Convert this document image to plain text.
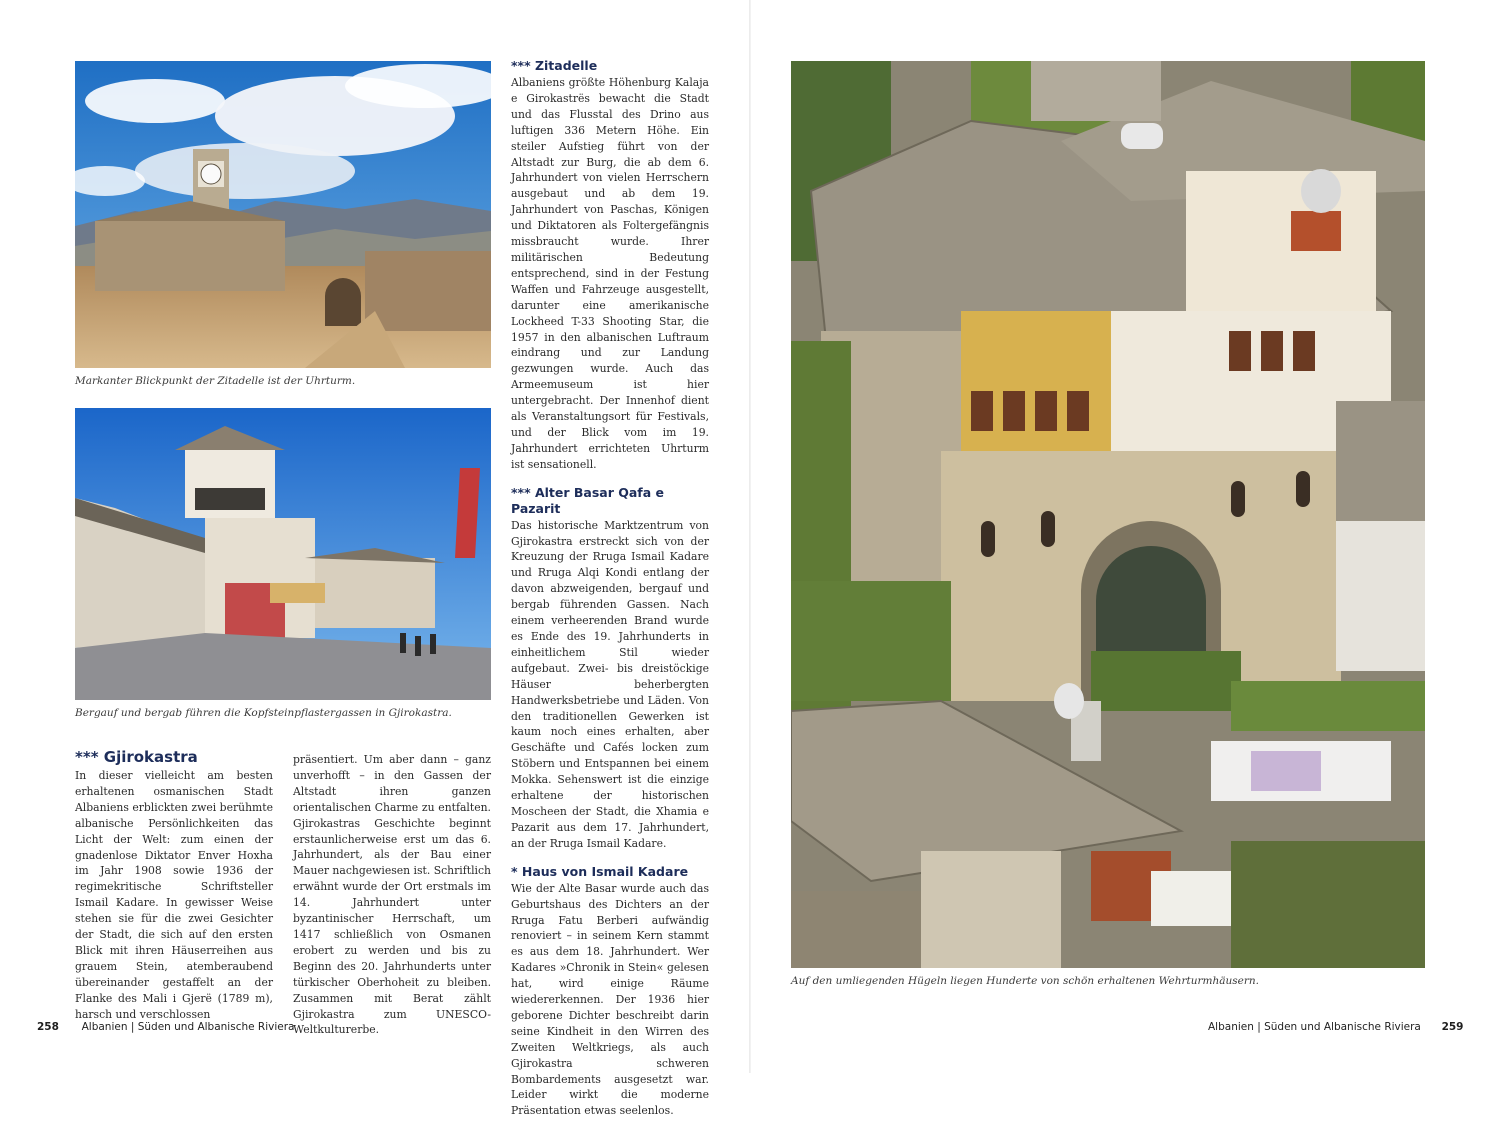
Markanter Blickpunkt der Zitadelle ist der Uhrturm.
Bergauf und bergab führen die Kopfsteinpflastergassen in Gjirokastra.
*** Gjirokastra

In dieser vielleicht am besten erhaltenen osmanischen Stadt Albaniens erblickten zwei berühmte albanische Persönlichkeiten das Licht der Welt: zum einen der gnadenlose Diktator Enver Hoxha im Jahr 1908 sowie 1936 der regimekritische Schriftsteller Ismail Kadare. In gewisser Weise stehen sie für die zwei Gesichter der Stadt, die sich auf den ersten Blick mit ihren Häuserreihen aus grauem Stein, atemberaubend übereinander gestaffelt an der Flanke des Mali i Gjerë (1789 m), harsch und verschlossen

präsentiert. Um aber dann – ganz unverhofft – in den Gassen der Altstadt ihren ganzen orientalischen Charme zu entfalten. Gjirokastras Geschichte beginnt erstaunlicherweise erst um das 6. Jahrhundert, als der Bau einer Mauer nachgewiesen ist. Schriftlich erwähnt wurde der Ort erstmals im 14. Jahrhundert unter byzantinischer Herrschaft, um 1417 schließlich von Osmanen erobert zu werden und bis zu Beginn des 20. Jahrhunderts unter türkischer Oberhoheit zu bleiben. Zusammen mit Berat zählt Gjirokastra zum UNESCO-Weltkulturerbe.

*** Zitadelle

Albaniens größte Höhenburg Kalaja e Girokastrës bewacht die Stadt und das Flusstal des Drino aus luftigen 336 Metern Höhe. Ein steiler Aufstieg führt von der Altstadt zur Burg, die ab dem 6. Jahrhundert von vielen Herrschern ausgebaut und ab dem 19. Jahrhundert von Paschas, Königen und Diktatoren als Foltergefängnis missbraucht wurde. Ihrer militärischen Bedeutung entsprechend, sind in der Festung Waffen und Fahrzeuge ausgestellt, darunter eine amerikanische Lockheed T-33 Shooting Star, die 1957 in den albanischen Luftraum eindrang und zur Landung gezwungen wurde. Auch das Armeemuseum ist hier untergebracht. Der Innenhof dient als Veranstaltungsort für Festivals, und der Blick vom im 19. Jahrhundert errichteten Uhrturm ist sensationell.

*** Alter Basar Qafa e Pazarit

Das historische Marktzentrum von Gjirokastra erstreckt sich von der Kreuzung der Rruga Ismail Kadare und Rruga Alqi Kondi entlang der davon abzweigenden, bergauf und bergab führenden Gassen. Nach einem verheerenden Brand wurde es Ende des 19. Jahrhunderts in einheitlichem Stil wieder aufgebaut. Zwei- bis dreistöckige Häuser beherbergten Handwerksbetriebe und Läden. Von den traditionellen Gewerken ist kaum noch eines erhalten, aber Geschäfte und Cafés locken zum Stöbern und Entspannen bei einem Mokka. Sehenswert ist die einzige erhaltene der historischen Moscheen der Stadt, die Xhamia e Pazarit aus dem 17. Jahrhundert, an der Rruga Ismail Kadare.

* Haus von Ismail Kadare

Wie der Alte Basar wurde auch das Geburtshaus des Dichters an der Rruga Fatu Berberi aufwändig renoviert – in seinem Kern stammt es aus dem 18. Jahrhundert. Wer Kadares »Chronik in Stein« gelesen hat, wird einige Räume wiedererkennen. Der 1936 hier geborene Dichter beschreibt darin seine Kindheit in den Wirren des Zweiten Weltkriegs, als auch Gjirokastra schweren Bombardements ausgesetzt war. Leider wirkt die moderne Präsentation etwas seelenlos.

Auf den umliegenden Hügeln liegen Hunderte von schön erhaltenen Wehrturmhäusern.
258 Albanien | Süden und Albanische Riviera	Albanien | Süden und Albanische Riviera 259
